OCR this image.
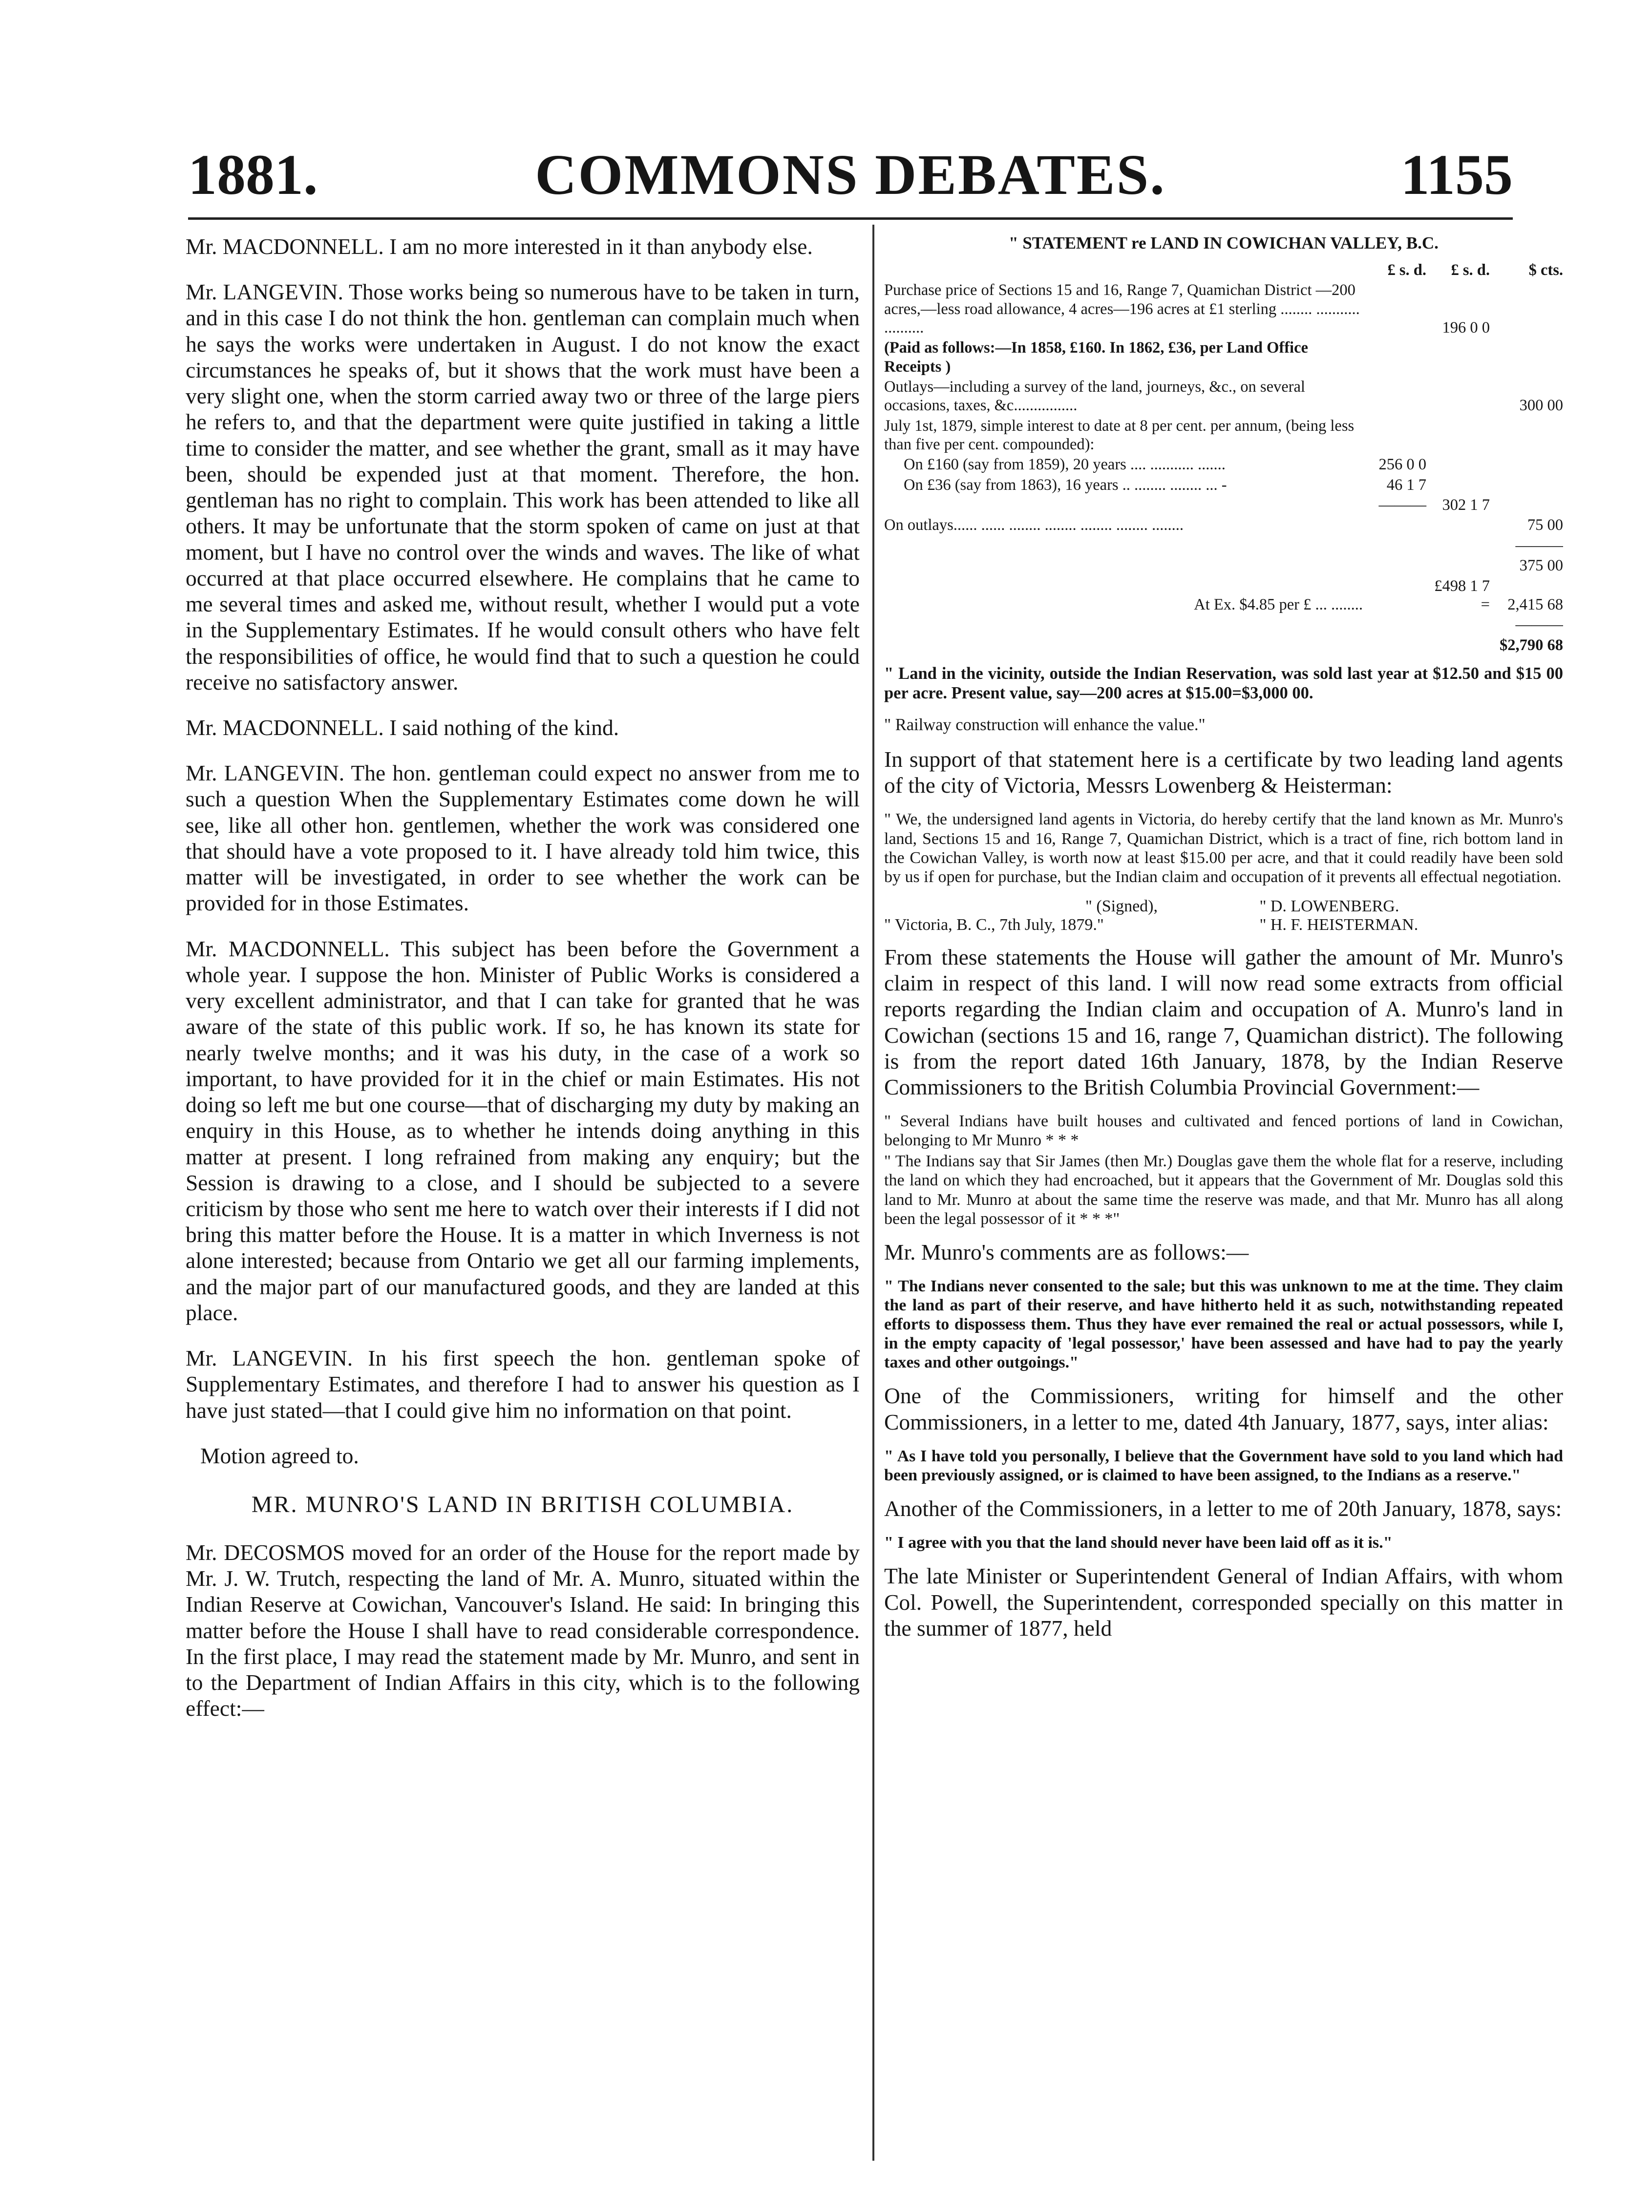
1881.	COMMONS DEBATES.	1155

Mr. MACDONNELL. I am no more interested in it than anybody else.

Mr. LANGEVIN. Those works being so numerous have to be taken in turn, and in this case I do not think the hon. gentleman can complain much when he says the works were undertaken in August. I do not know the exact circumstances he speaks of, but it shows that the work must have been a very slight one, when the storm carried away two or three of the large piers he refers to, and that the department were quite justified in taking a little time to consider the matter, and see whether the grant, small as it may have been, should be expended just at that moment. Therefore, the hon. gentleman has no right to complain. This work has been attended to like all others. It may be unfortunate that the storm spoken of came on just at that moment, but I have no control over the winds and waves. The like of what occurred at that place occurred elsewhere. He complains that he came to me several times and asked me, without result, whether I would put a vote in the Supplementary Estimates. If he would consult others who have felt the responsibilities of office, he would find that to such a question he could receive no satisfactory answer.

Mr. MACDONNELL. I said nothing of the kind.

Mr. LANGEVIN. The hon. gentleman could expect no answer from me to such a question When the Supplementary Estimates come down he will see, like all other hon. gentlemen, whether the work was considered one that should have a vote proposed to it. I have already told him twice, this matter will be investigated, in order to see whether the work can be provided for in those Estimates.

Mr. MACDONNELL. This subject has been before the Government a whole year. I suppose the hon. Minister of Public Works is considered a very excellent administrator, and that I can take for granted that he was aware of the state of this public work. If so, he has known its state for nearly twelve months; and it was his duty, in the case of a work so important, to have provided for it in the chief or main Estimates. His not doing so left me but one course—that of discharging my duty by making an enquiry in this House, as to whether he intends doing anything in this matter at present. I long refrained from making any enquiry; but the Session is drawing to a close, and I should be subjected to a severe criticism by those who sent me here to watch over their interests if I did not bring this matter before the House. It is a matter in which Inverness is not alone interested; because from Ontario we get all our farming implements, and the major part of our manufactured goods, and they are landed at this place.

Mr. LANGEVIN. In his first speech the hon. gentleman spoke of Supplementary Estimates, and therefore I had to answer his question as I have just stated—that I could give him no information on that point.

Motion agreed to.
MR. MUNRO'S LAND IN BRITISH COLUMBIA.

Mr. DECOSMOS moved for an order of the House for the report made by Mr. J. W. Trutch, respecting the land of Mr. A. Munro, situated within the Indian Reserve at Cowichan, Vancouver's Island. He said: In bringing this matter before the House I shall have to read considerable correspondence. In the first place, I may read the statement made by Mr. Munro, and sent in to the Department of Indian Affairs in this city, which is to the following effect:—

" STATEMENT re LAND IN COWICHAN VALLEY, B.C.
	£ s. d.	£ s. d.	$ cts.
Purchase price of Sections 15 and 16, Range 7, Quamichan District —200 acres,—less road allowance, 4 acres—196 acres at £1 sterling ........ ........... ..........		196 0 0	
(Paid as follows:—In 1858, £160. In 1862, £36, per Land Office Receipts )			
Outlays—including a survey of the land, journeys, &c., on several occasions, taxes, &c................			300 00
July 1st, 1879, simple interest to date at 8 per cent. per annum, (being less than five per cent. compounded):			
On £160 (say from 1859), 20 years .... ........... .......	256 0 0		
On £36 (say from 1863), 16 years .. ........ ........ ... -	46 1 7		
	———	302 1 7	
On outlays...... ...... ........ ........ ........ ........ ........			75 00
			———
			375 00
At Ex. $4.85 per £ ... ........		£498 1 7 =	2,415 68
			———
			$2,790 68
" Land in the vicinity, outside the Indian Reservation, was sold last year at $12.50 and $15 00 per acre. Present value, say—200 acres at $15.00=$3,000 00.
" Railway construction will enhance the value."
In support of that statement here is a certificate by two leading land agents of the city of Victoria, Messrs Lowenberg & Heisterman:
" We, the undersigned land agents in Victoria, do hereby certify that the land known as Mr. Munro's land, Sections 15 and 16, Range 7, Quamichan District, which is a tract of fine, rich bottom land in the Cowichan Valley, is worth now at least $15.00 per acre, and that it could readily have been sold by us if open for purchase, but the Indian claim and occupation of it prevents all effectual negotiation.
" (Signed),	" D. LOWENBERG.
" Victoria, B. C., 7th July, 1879."	" H. F. HEISTERMAN.
From these statements the House will gather the amount of Mr. Munro's claim in respect of this land. I will now read some extracts from official reports regarding the Indian claim and occupation of A. Munro's land in Cowichan (sections 15 and 16, range 7, Quamichan district). The following is from the report dated 16th January, 1878, by the Indian Reserve Commissioners to the British Columbia Provincial Government:—
" Several Indians have built houses and cultivated and fenced portions of land in Cowichan, belonging to Mr Munro * * *
" The Indians say that Sir James (then Mr.) Douglas gave them the whole flat for a reserve, including the land on which they had encroached, but it appears that the Government of Mr. Douglas sold this land to Mr. Munro at about the same time the reserve was made, and that Mr. Munro has all along been the legal possessor of it * * *"
Mr. Munro's comments are as follows:—
" The Indians never consented to the sale; but this was unknown to me at the time. They claim the land as part of their reserve, and have hitherto held it as such, notwithstanding repeated efforts to dispossess them. Thus they have ever remained the real or actual possessors, while I, in the empty capacity of 'legal possessor,' have been assessed and have had to pay the yearly taxes and other outgoings."
One of the Commissioners, writing for himself and the other Commissioners, in a letter to me, dated 4th January, 1877, says, inter alias:
" As I have told you personally, I believe that the Government have sold to you land which had been previously assigned, or is claimed to have been assigned, to the Indians as a reserve."
Another of the Commissioners, in a letter to me of 20th January, 1878, says:
" I agree with you that the land should never have been laid off as it is."
The late Minister or Superintendent General of Indian Affairs, with whom Col. Powell, the Superintendent, corresponded specially on this matter in the summer of 1877, held
